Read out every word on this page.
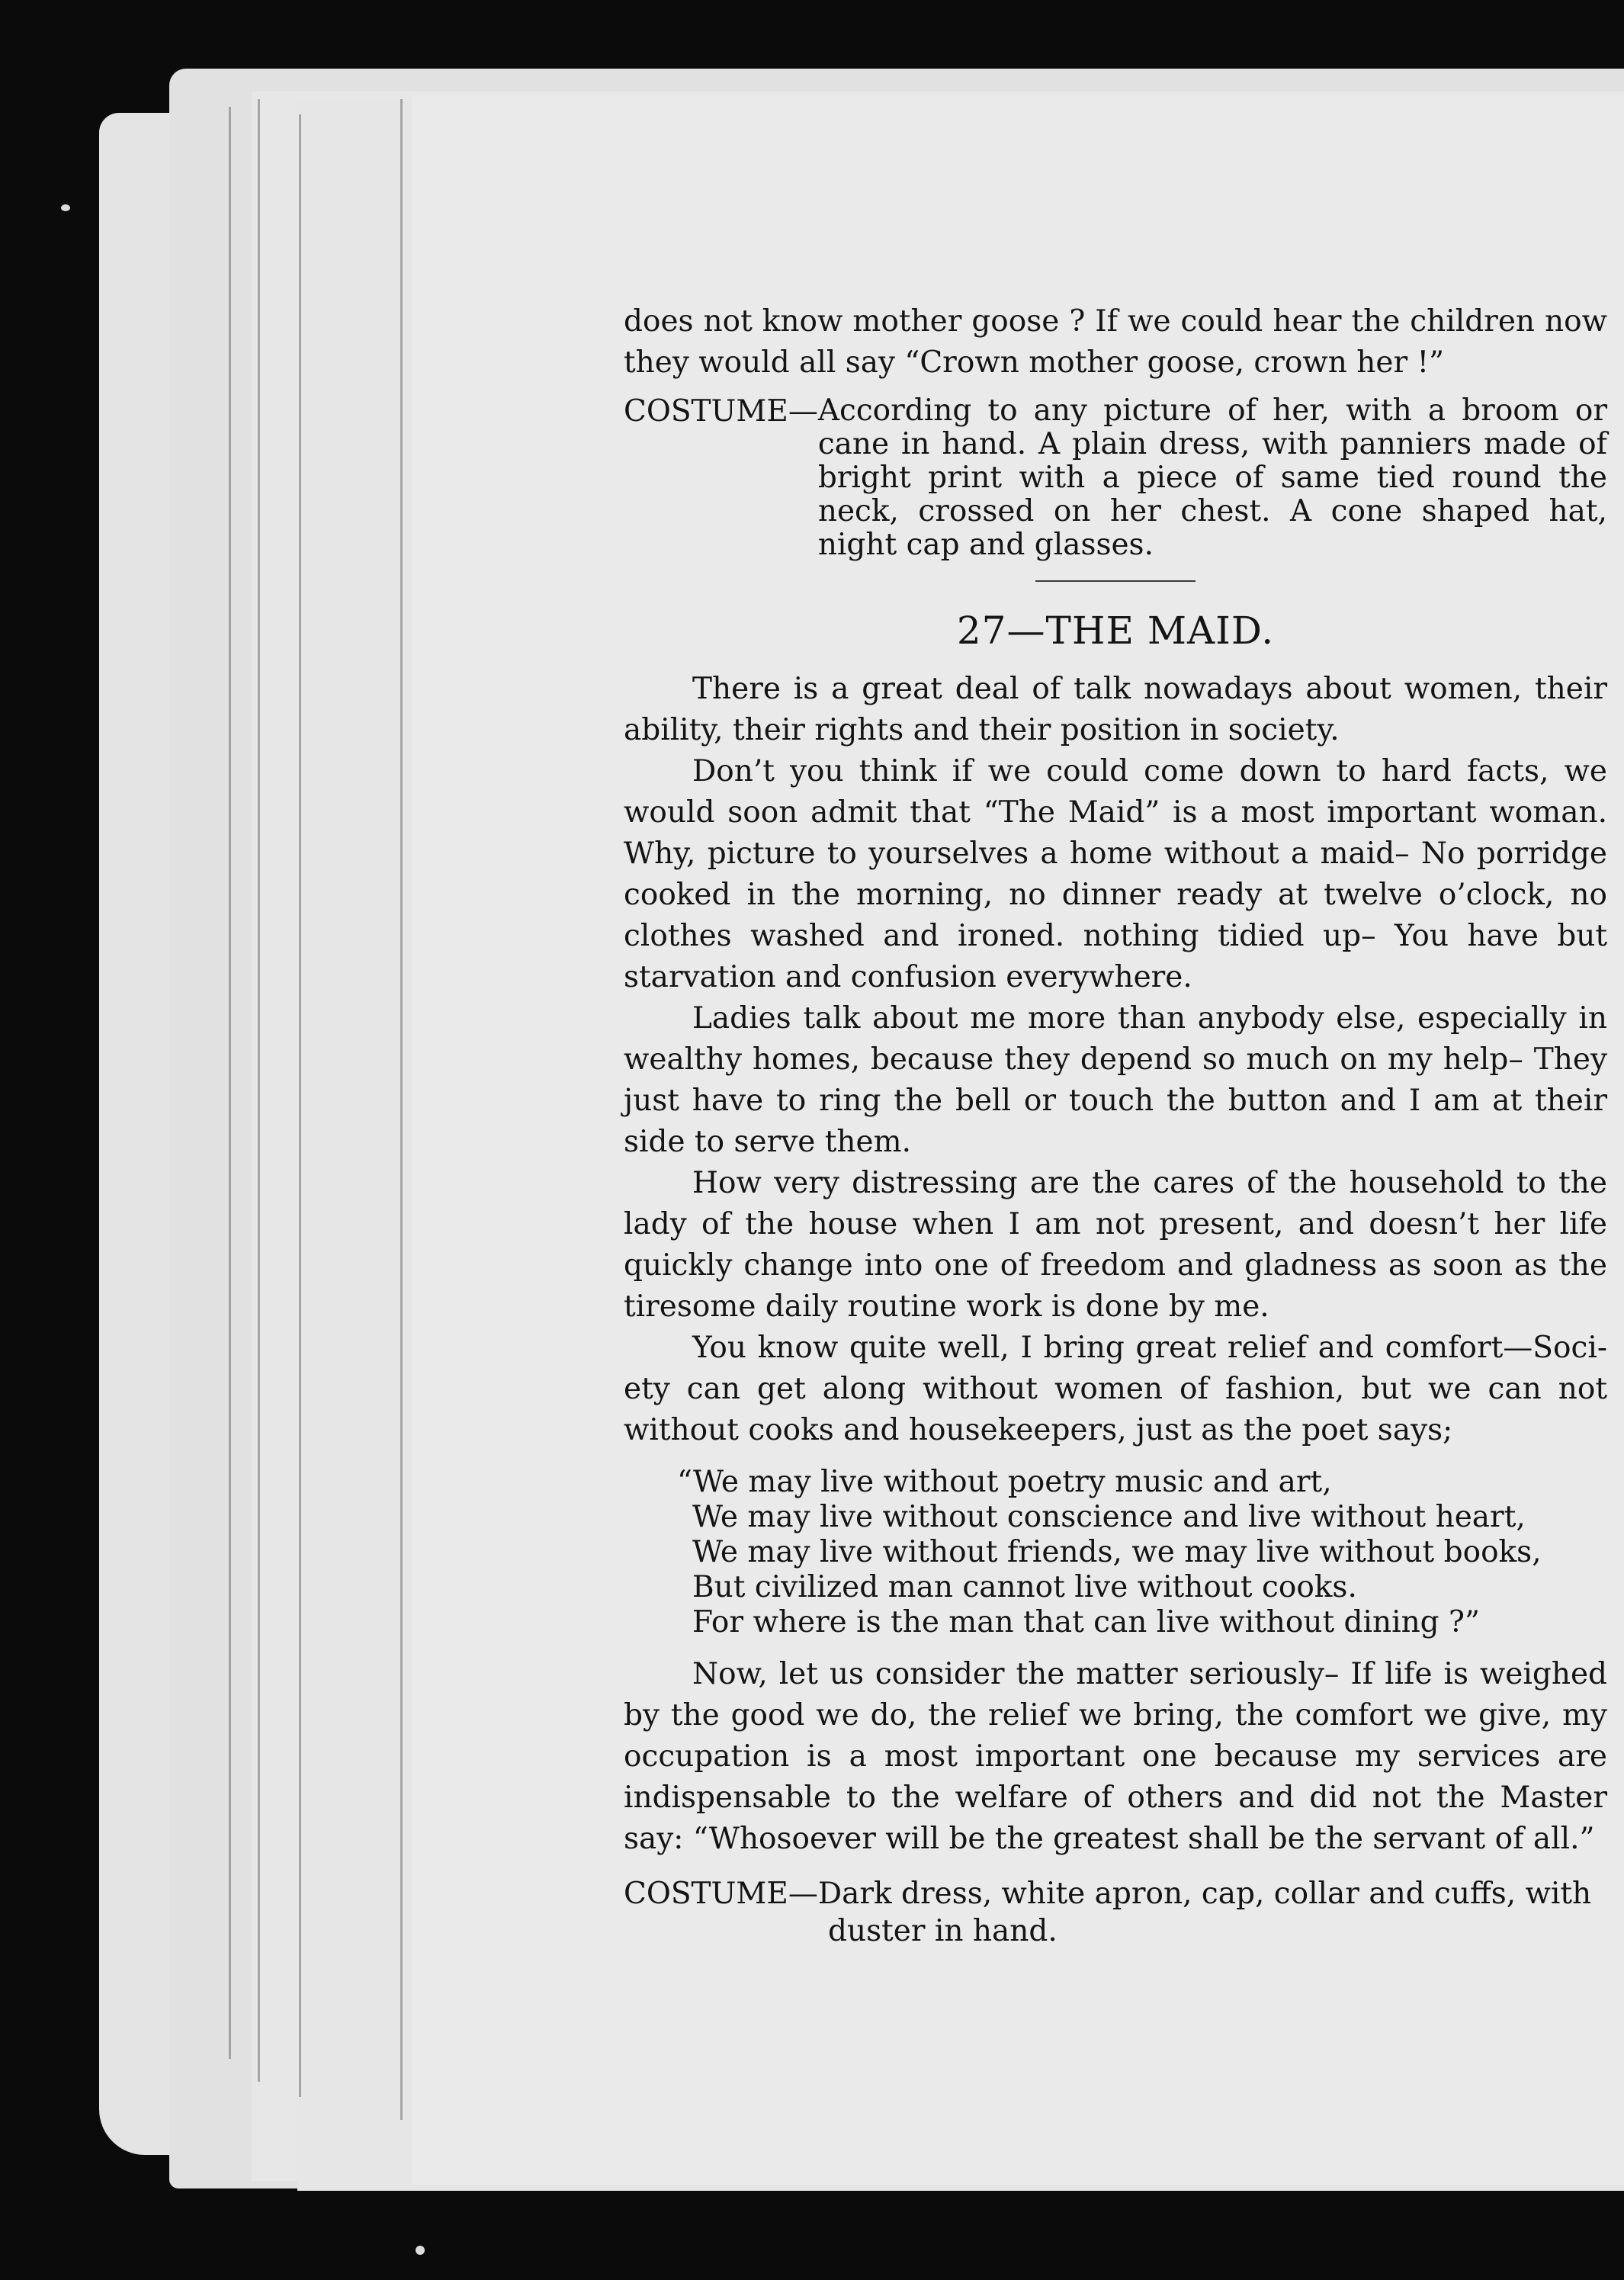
does not know mother goose ? If we could hear the children now they would all say “Crown mother goose, crown her !”

COSTUME— According to any picture of her, with a broom or cane in hand. A plain dress, with panniers made of bright print with a piece of same tied round the neck, crossed on her chest. A cone shaped hat, night cap and glasses.
27—THE MAID.

There is a great deal of talk nowadays about women, their ability, their rights and their position in society.

Don’t you think if we could come down to hard facts, we would soon admit that “The Maid” is a most important woman. Why, picture to yourselves a home without a maid– No porridge cooked in the morning, no dinner ready at twelve o’clock, no clothes washed and ironed. nothing tidied up– You have but starvation and confusion everywhere.

Ladies talk about me more than anybody else, especially in wealthy homes, because they depend so much on my help– They just have to ring the bell or touch the button and I am at their side to serve them.

How very distressing are the cares of the household to the lady of the house when I am not present, and doesn’t her life quickly change into one of freedom and gladness as soon as the tiresome daily routine work is done by me.

You know quite well, I bring great relief and comfort—Soci-ety can get along without women of fashion, but we can not without cooks and housekeepers, just as the poet says;

“We may live without poetry music and art,
We may live without conscience and live without heart,
We may live without friends, we may live without books,
But civilized man cannot live without cooks.
For where is the man that can live without dining ?”

Now, let us consider the matter seriously– If life is weighed by the good we do, the relief we bring, the comfort we give, my occupation is a most important one because my services are indispensable to the welfare of others and did not the Master say: “Whosoever will be the greatest shall be the servant of all.”

COSTUME— Dark dress, white apron, cap, collar and cuffs, with
duster in hand.
